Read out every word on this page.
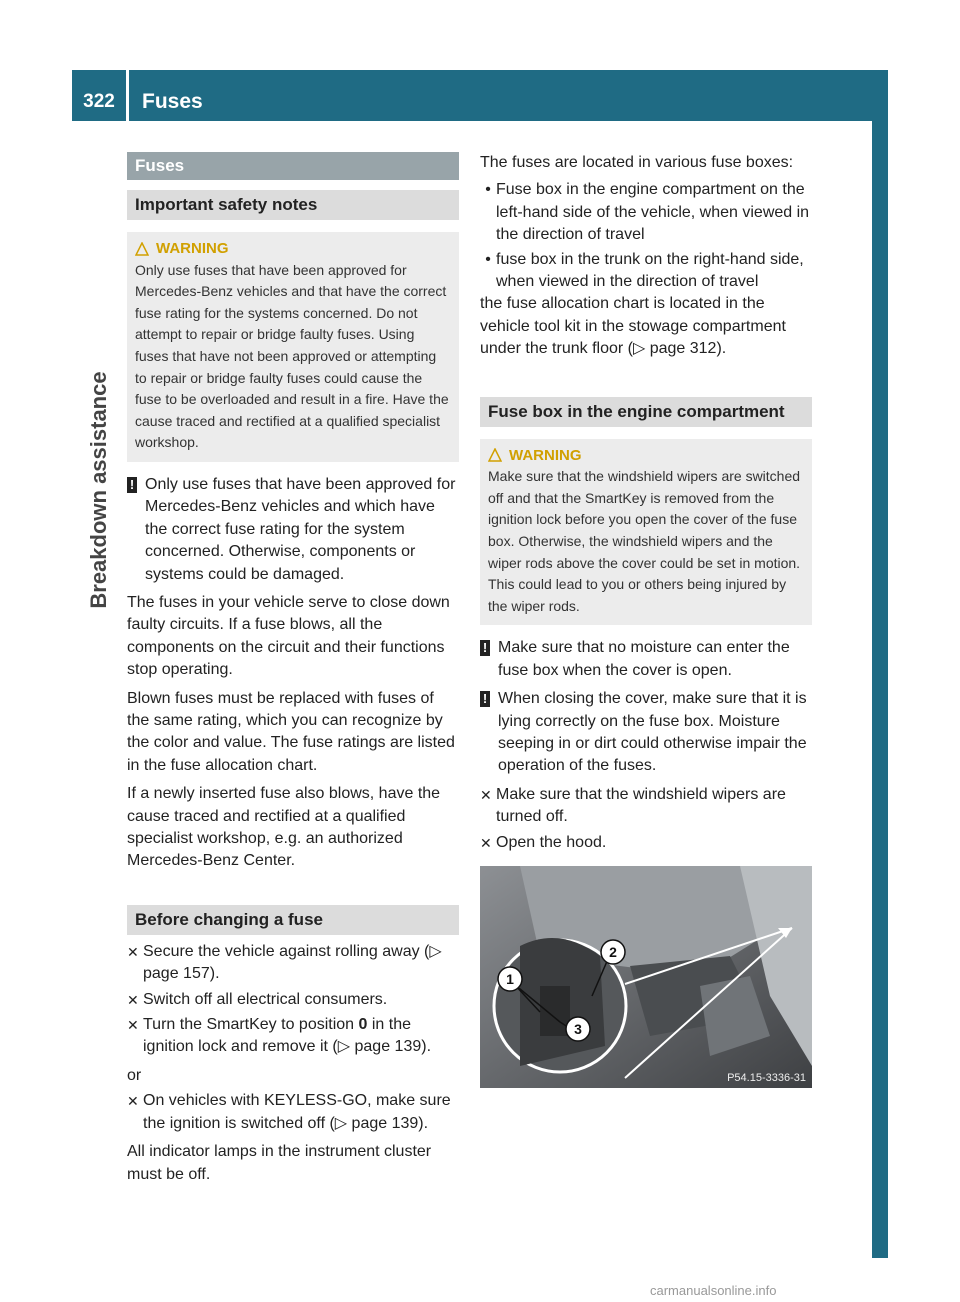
322	Fuses
Breakdown assistance
Fuses
Important safety notes
WARNING
Only use fuses that have been approved for Mercedes-Benz vehicles and that have the correct fuse rating for the systems concerned. Do not attempt to repair or bridge faulty fuses. Using fuses that have not been approved or attempting to repair or bridge faulty fuses could cause the fuse to be overloaded and result in a fire. Have the cause traced and rectified at a qualified specialist workshop.
! Only use fuses that have been approved for Mercedes-Benz vehicles and which have the correct fuse rating for the system concerned. Otherwise, components or systems could be damaged.

The fuses in your vehicle serve to close down faulty circuits. If a fuse blows, all the components on the circuit and their functions stop operating.

Blown fuses must be replaced with fuses of the same rating, which you can recognize by the color and value. The fuse ratings are listed in the fuse allocation chart.

If a newly inserted fuse also blows, have the cause traced and rectified at a qualified specialist workshop, e.g. an authorized Mercedes-Benz Center.

Before changing a fuse
✕ Secure the vehicle against rolling away (▷ page 157).
✕ Switch off all electrical consumers.
✕ Turn the SmartKey to position 0 in the ignition lock and remove it (▷ page 139).

or

✕ On vehicles with KEYLESS-GO, make sure the ignition is switched off (▷ page 139).

All indicator lamps in the instrument cluster must be off.

The fuses are located in various fuse boxes:

• Fuse box in the engine compartment on the left-hand side of the vehicle, when viewed in the direction of travel
• fuse box in the trunk on the right-hand side, when viewed in the direction of travel

the fuse allocation chart is located in the vehicle tool kit in the stowage compartment under the trunk floor (▷ page 312).

Fuse box in the engine compartment
WARNING
Make sure that the windshield wipers are switched off and that the SmartKey is removed from the ignition lock before you open the cover of the fuse box. Otherwise, the windshield wipers and the wiper rods above the cover could be set in motion. This could lead to you or others being injured by the wiper rods.
! Make sure that no moisture can enter the fuse box when the cover is open.
! When closing the cover, make sure that it is lying correctly on the fuse box. Moisture seeping in or dirt could otherwise impair the operation of the fuses.
✕ Make sure that the windshield wipers are turned off.
✕ Open the hood.
1
2
3
P54.15-3336-31
carmanualsonline.info
